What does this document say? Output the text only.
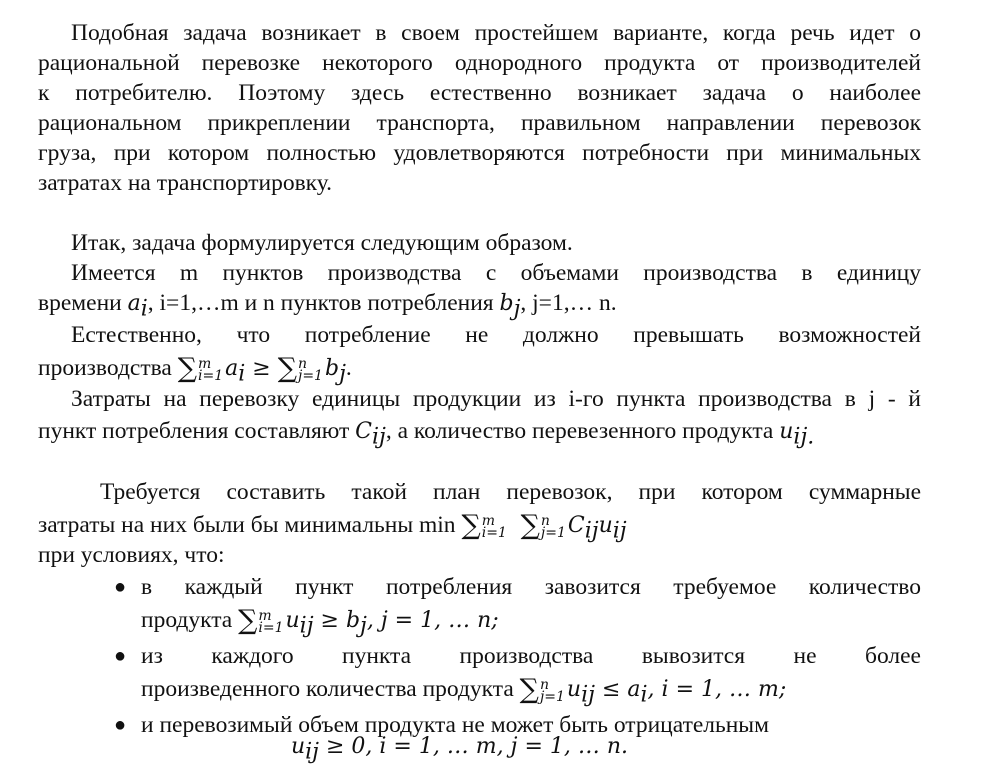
Подобная задача возникает в своем простейшем варианте, когда речь идет о
рациональной перевозке некоторого однородного продукта от производителей
к потребителю. Поэтому здесь естественно возникает задача о наиболее
рациональном прикреплении транспорта, правильном направлении перевозок
груза, при котором полностью удовлетворяются потребности при минимальных
затратах на транспортировку.
Итак, задача формулируется следующим образом.
Имеется m пунктов производства с объемами производства в единицу
времени $a_i$, i=1,…m и n пунктов потребления $b_j$, j=1,… n.
Естественно, что потребление не должно превышать возможностей
производства ∑ m
i=1 $a_i$ ≥ ∑ n
j=1 $b_j$.
Затраты на перевозку единицы продукции из i-го пункта производства в j - й
пункт потребления составляют $C_{ij}$, а количество перевезенного продукта $u_{ij.}$
Требуется составить такой план перевозок, при котором суммарные
затраты на них были бы минимальны min ∑ m
i=1 ∑ n
j=1 $C_{ij}u_{ij}$
при условиях, что:
● в каждый пункт потребления завозится требуемое количество
продукта ∑ m
i=1 $u_{ij} \ge b_j$, j = 1, … n;
● из каждого пункта производства вывозится не более
произведенного количества продукта ∑ n
j=1 $u_{ij} \le a_i$, i = 1, … m;
● и перевозимый объем продукта не может быть отрицательным
$u_{ij} \ge 0$, i = 1, … m, j = 1, … n.
